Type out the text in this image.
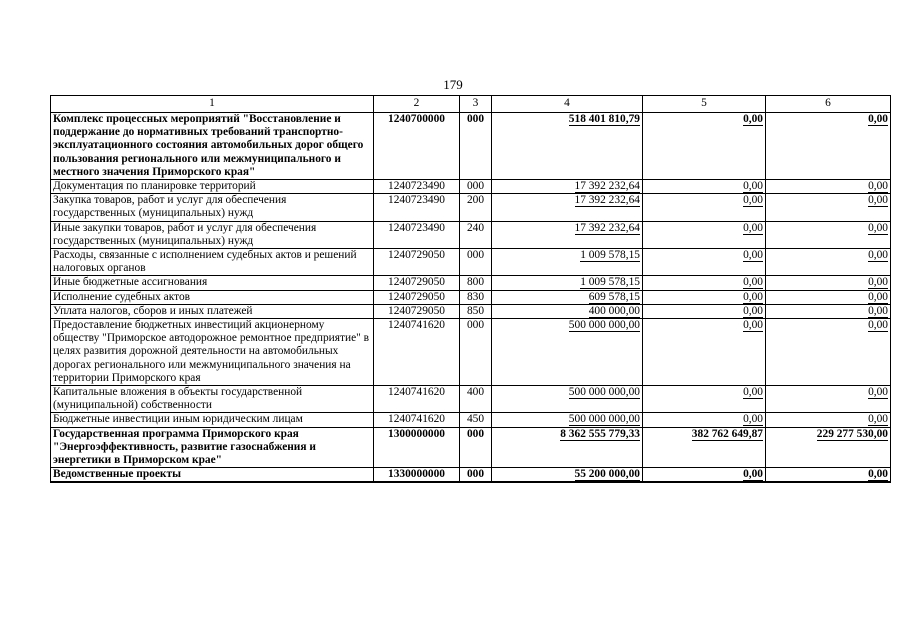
179
1	2	3	4	5	6
Комплекс процессных мероприятий "Восстановление и поддержание до нормативных требований транспортно-эксплуатационного состояния автомобильных дорог общего пользования регионального или межмуниципального и местного значения Приморского края"	1240700000	000	518 401 810,79	0,00	0,00
Документация по планировке территорий	1240723490	000	17 392 232,64	0,00	0,00
Закупка товаров, работ и услуг для обеспечения государственных (муниципальных) нужд	1240723490	200	17 392 232,64	0,00	0,00
Иные закупки товаров, работ и услуг для обеспечения государственных (муниципальных) нужд	1240723490	240	17 392 232,64	0,00	0,00
Расходы, связанные с исполнением судебных актов и решений налоговых органов	1240729050	000	1 009 578,15	0,00	0,00
Иные бюджетные ассигнования	1240729050	800	1 009 578,15	0,00	0,00
Исполнение судебных актов	1240729050	830	609 578,15	0,00	0,00
Уплата налогов, сборов и иных платежей	1240729050	850	400 000,00	0,00	0,00
Предоставление бюджетных инвестиций акционерному обществу "Приморское автодорожное ремонтное предприятие" в целях развития дорожной деятельности на автомобильных дорогах регионального или межмуниципального значения на территории Приморского края	1240741620	000	500 000 000,00	0,00	0,00
Капитальные вложения в объекты государственной (муниципальной) собственности	1240741620	400	500 000 000,00	0,00	0,00
Бюджетные инвестиции иным юридическим лицам	1240741620	450	500 000 000,00	0,00	0,00
Государственная программа Приморского края "Энергоэффективность, развитие газоснабжения и энергетики в Приморском крае"	1300000000	000	8 362 555 779,33	382 762 649,87	229 277 530,00
Ведомственные проекты	1330000000	000	55 200 000,00	0,00	0,00
